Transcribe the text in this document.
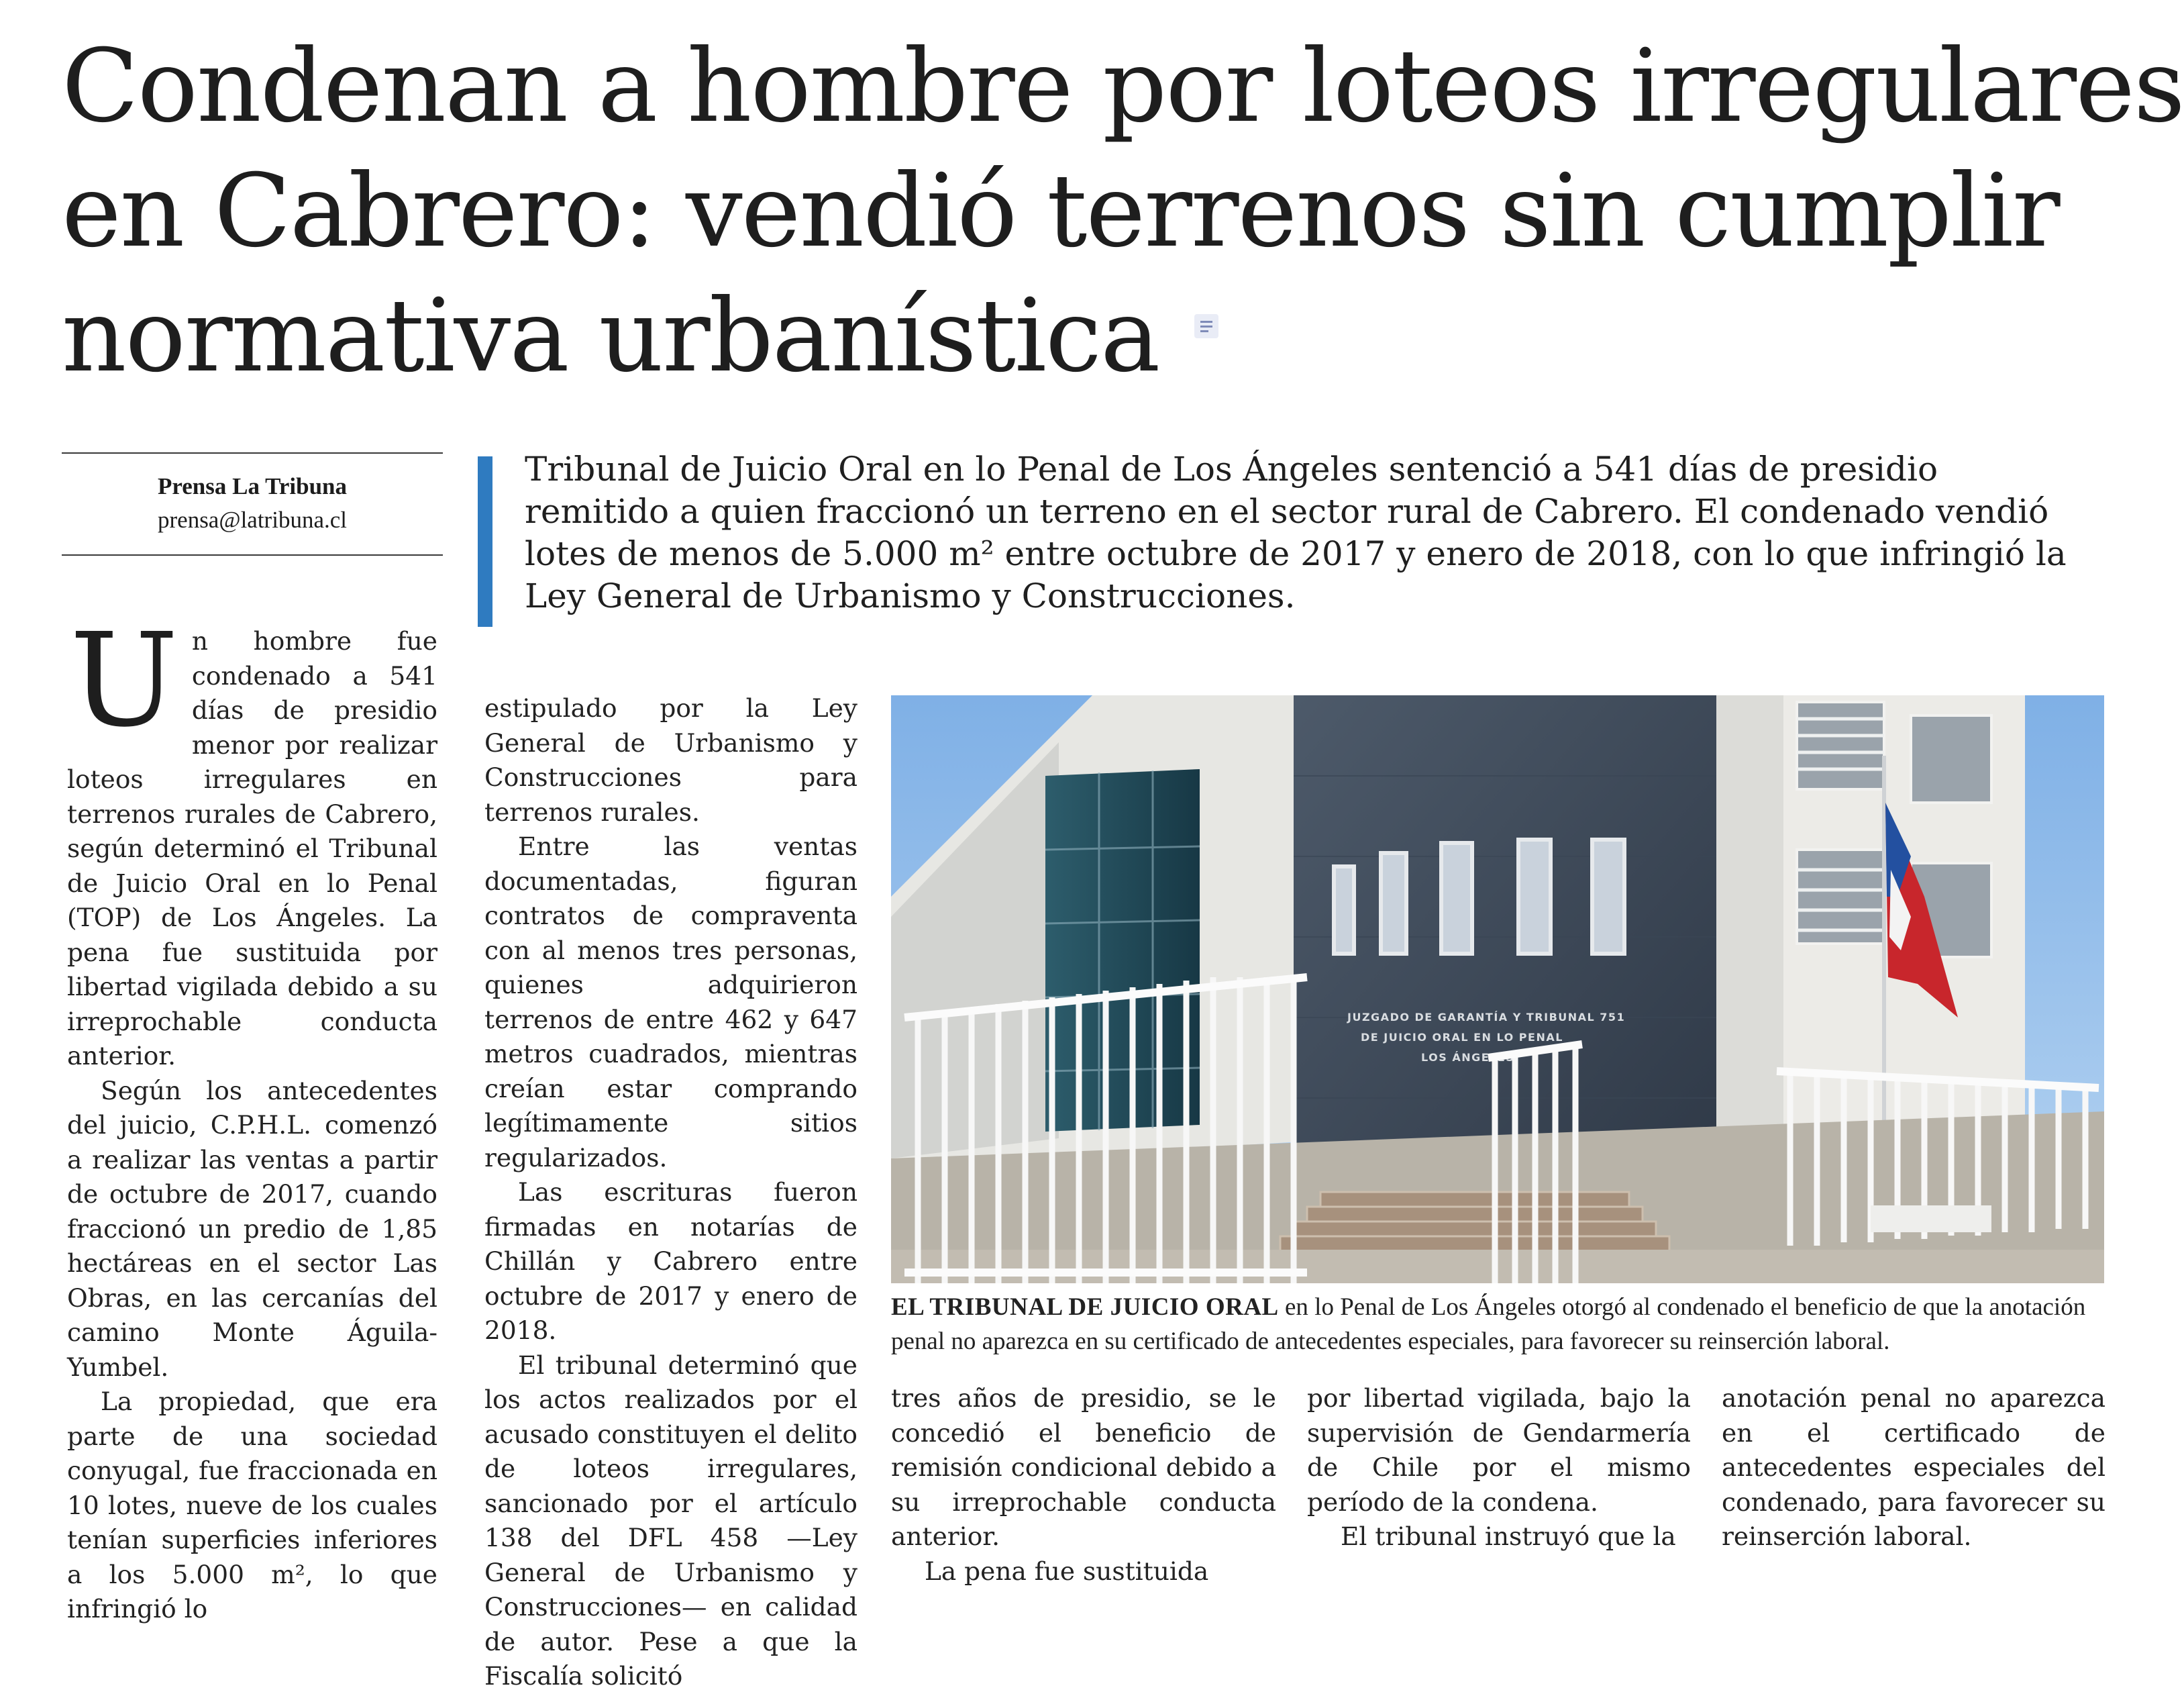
Condenan a hombre por loteos irregulares
en Cabrero: vendió terrenos sin cumplir
normativa urbanística
Prensa La Tribuna
prensa@latribuna.cl

Tribunal de Juicio Oral en lo Penal de Los Ángeles sentenció a 541 días de presidio remitido a quien fraccionó un terreno en el sector rural de Cabrero. El condenado vendió lotes de menos de 5.000 m² entre octubre de 2017 y enero de 2018, con lo que infringió la Ley General de Urbanismo y Construcciones.

Un hombre fue condenado a 541 días de presidio menor por realizar loteos irregulares en terrenos rurales de Cabrero, según determinó el Tribunal de Juicio Oral en lo Penal (TOP) de Los Ángeles. La pena fue sustituida por libertad vigilada debido a su irreprochable conducta anterior.

Según los antecedentes del juicio, C.P.H.L. comenzó a realizar las ventas a partir de octubre de 2017, cuando fraccionó un predio de 1,85 hectáreas en el sector Las Obras, en las cercanías del camino Monte Águila-Yumbel.

La propiedad, que era parte de una sociedad conyugal, fue fraccionada en 10 lotes, nueve de los cuales tenían superficies inferiores a los 5.000 m², lo que infringió lo

estipulado por la Ley General de Urbanismo y Construcciones para terrenos rurales.

Entre las ventas documentadas, figuran contratos de compraventa con al menos tres personas, quienes adquirieron terrenos de entre 462 y 647 metros cuadrados, mientras creían estar comprando legítimamente sitios regularizados.

Las escrituras fueron firmadas en notarías de Chillán y Cabrero entre octubre de 2017 y enero de 2018.

El tribunal determinó que los actos realizados por el acusado constituyen el delito de loteos irregulares, sancionado por el artículo 138 del DFL 458 —Ley General de Urbanismo y Construcciones— en calidad de autor. Pese a que la Fiscalía solicitó

JUZGADO DE GARANTÍA Y TRIBUNAL 751
DE JUICIO ORAL EN LO PENAL
LOS ÁNGELES

EL TRIBUNAL DE JUICIO ORAL en lo Penal de Los Ángeles otorgó al condenado el beneficio de que la anotación penal no aparezca en su certificado de antecedentes especiales, para favorecer su reinserción laboral.

tres años de presidio, se le concedió el beneficio de remisión condicional debido a su irreprochable conducta anterior.

La pena fue sustituida

por libertad vigilada, bajo la supervisión de Gendarmería de Chile por el mismo período de la condena.

El tribunal instruyó que la

anotación penal no aparezca en el certificado de antecedentes especiales del condenado, para favorecer su reinserción laboral.
